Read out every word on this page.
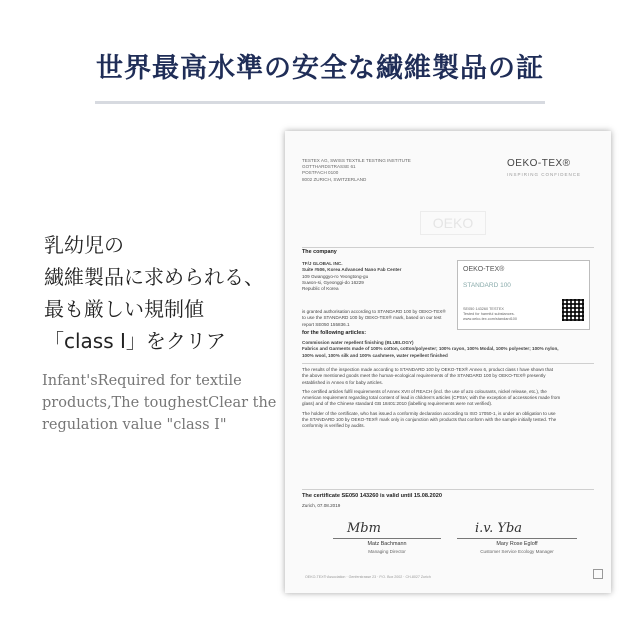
世界最高水準の安全な繊維製品の証
乳幼児の
繊維製品に求められる、
最も厳しい規制値
「class Ⅰ」をクリア
Infant'sRequired for textile
products,The toughestClear the
regulation value "class I"
TESTEX AG, SWISS TEXTILE TESTING INSTITUTE
GOTTHARDSTRASSE 61
POSTFACH 0100
8002 ZURICH, SWITZERLAND
OEKO-TEX®
INSPIRING CONFIDENCE
OEKO
The company
TF/J GLOBAL INC.
Suite #506, Korea Advanced Nano Fab Center
109 Gwanggyo-ro Yeongtong-gu
Suwon-si, Gyeonggi-do 16229
Republic of Korea
OEKO-TEX®
STANDARD 100
SE050 143260 TESTEX
Tested for harmful substances.
www.oeko-tex.com/standard100
is granted authorisation according to STANDARD 100 by OEKO-TEX®
to use the STANDARD 100 by OEKO-TEX® mark, based on our test
report SE050 155836.1
for the following articles:
Commission water repellent finishing (BLUELOGY)
Fabrics and Garments made of 100% cotton, cotton/polyester; 100% rayon, 100% Modal, 100% polyester; 100% nylon,
100% wool, 100% silk and 100% cashmere, water repellent finished
The results of the inspection made according to STANDARD 100 by OEKO-TEX® Annex 6, product class I have shown that
the above mentioned goods meet the human-ecological requirements of the STANDARD 100 by OEKO-TEX® presently
established in Annex 6 for baby articles.
The certified articles fulfil requirements of Annex XVII of REACH (incl. the use of azo colourants, nickel release, etc.), the
American requirement regarding total content of lead in children's articles (CPSIA; with the exception of accessories made from
glass) and of the Chinese standard GB 18401:2010 (labelling requirements were not verified).
The holder of the certificate, who has issued a conformity declaration according to ISO 17050-1, is under an obligation to use
the STANDARD 100 by OEKO-TEX® mark only in conjunction with products that conform with the sample initially tested. The
conformity is verified by audits.
The certificate SE050 143260 is valid until 15.08.2020
Zurich, 07.08.2019
Mbm
Matz Bachmann
Managing Director
i.v. Yba
Mary Rose Egloff
Customer Service Ecology Manager
OEKO-TEX® Association · Genferstrasse 23 · P.O. Box 2002 · CH-8027 Zurich
